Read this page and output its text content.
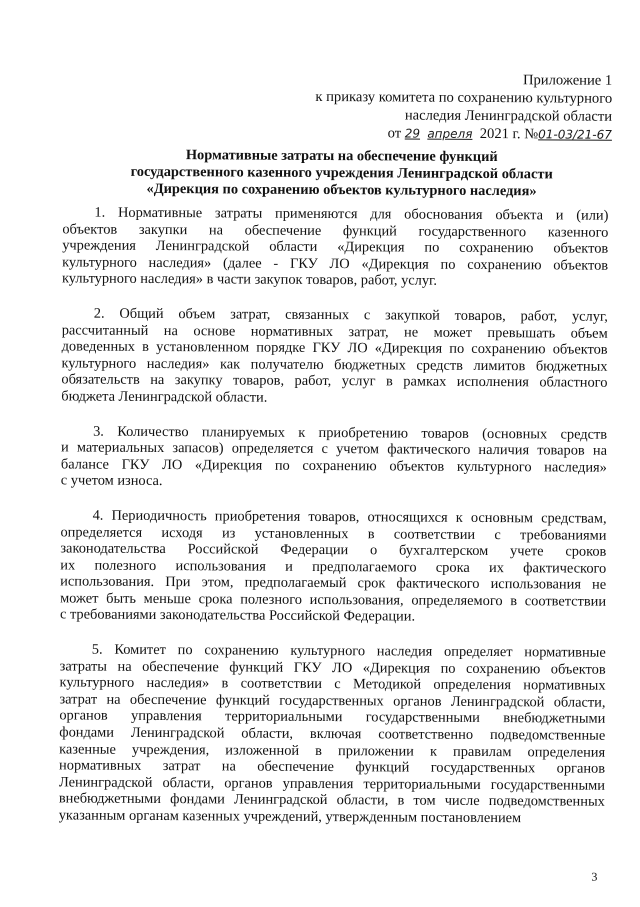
Приложение 1
к приказу комитета по сохранению культурного
наследия Ленинградской области
от 29 апреля 2021 г. №01-03/21-67
Нормативные затраты на обеспечение функций
государственного казенного учреждения Ленинградской области
«Дирекция по сохранению объектов культурного наследия»
1. Нормативные затраты применяются для обоснования объекта и (или)
объектов закупки на обеспечение функций государственного казенного
учреждения Ленинградской области «Дирекция по сохранению объектов
культурного наследия» (далее - ГКУ ЛО «Дирекция по сохранению объектов
культурного наследия» в части закупок товаров, работ, услуг.
2. Общий объем затрат, связанных с закупкой товаров, работ, услуг,
рассчитанный на основе нормативных затрат, не может превышать объем
доведенных в установленном порядке ГКУ ЛО «Дирекция по сохранению объектов
культурного наследия» как получателю бюджетных средств лимитов бюджетных
обязательств на закупку товаров, работ, услуг в рамках исполнения областного
бюджета Ленинградской области.
3. Количество планируемых к приобретению товаров (основных средств
и материальных запасов) определяется с учетом фактического наличия товаров на
балансе ГКУ ЛО «Дирекция по сохранению объектов культурного наследия»
с учетом износа.
4. Периодичность приобретения товаров, относящихся к основным средствам,
определяется исходя из установленных в соответствии с требованиями
законодательства Российской Федерации о бухгалтерском учете сроков
их полезного использования и предполагаемого срока их фактического
использования. При этом, предполагаемый срок фактического использования не
может быть меньше срока полезного использования, определяемого в соответствии
с требованиями законодательства Российской Федерации.
5. Комитет по сохранению культурного наследия определяет нормативные
затраты на обеспечение функций ГКУ ЛО «Дирекция по сохранению объектов
культурного наследия» в соответствии с Методикой определения нормативных
затрат на обеспечение функций государственных органов Ленинградской области,
органов управления территориальными государственными внебюджетными
фондами Ленинградской области, включая соответственно подведомственные
казенные учреждения, изложенной в приложении к правилам определения
нормативных затрат на обеспечение функций государственных органов
Ленинградской области, органов управления территориальными государственными
внебюджетными фондами Ленинградской области, в том числе подведомственных
указанным органам казенных учреждений, утвержденным постановлением
3
